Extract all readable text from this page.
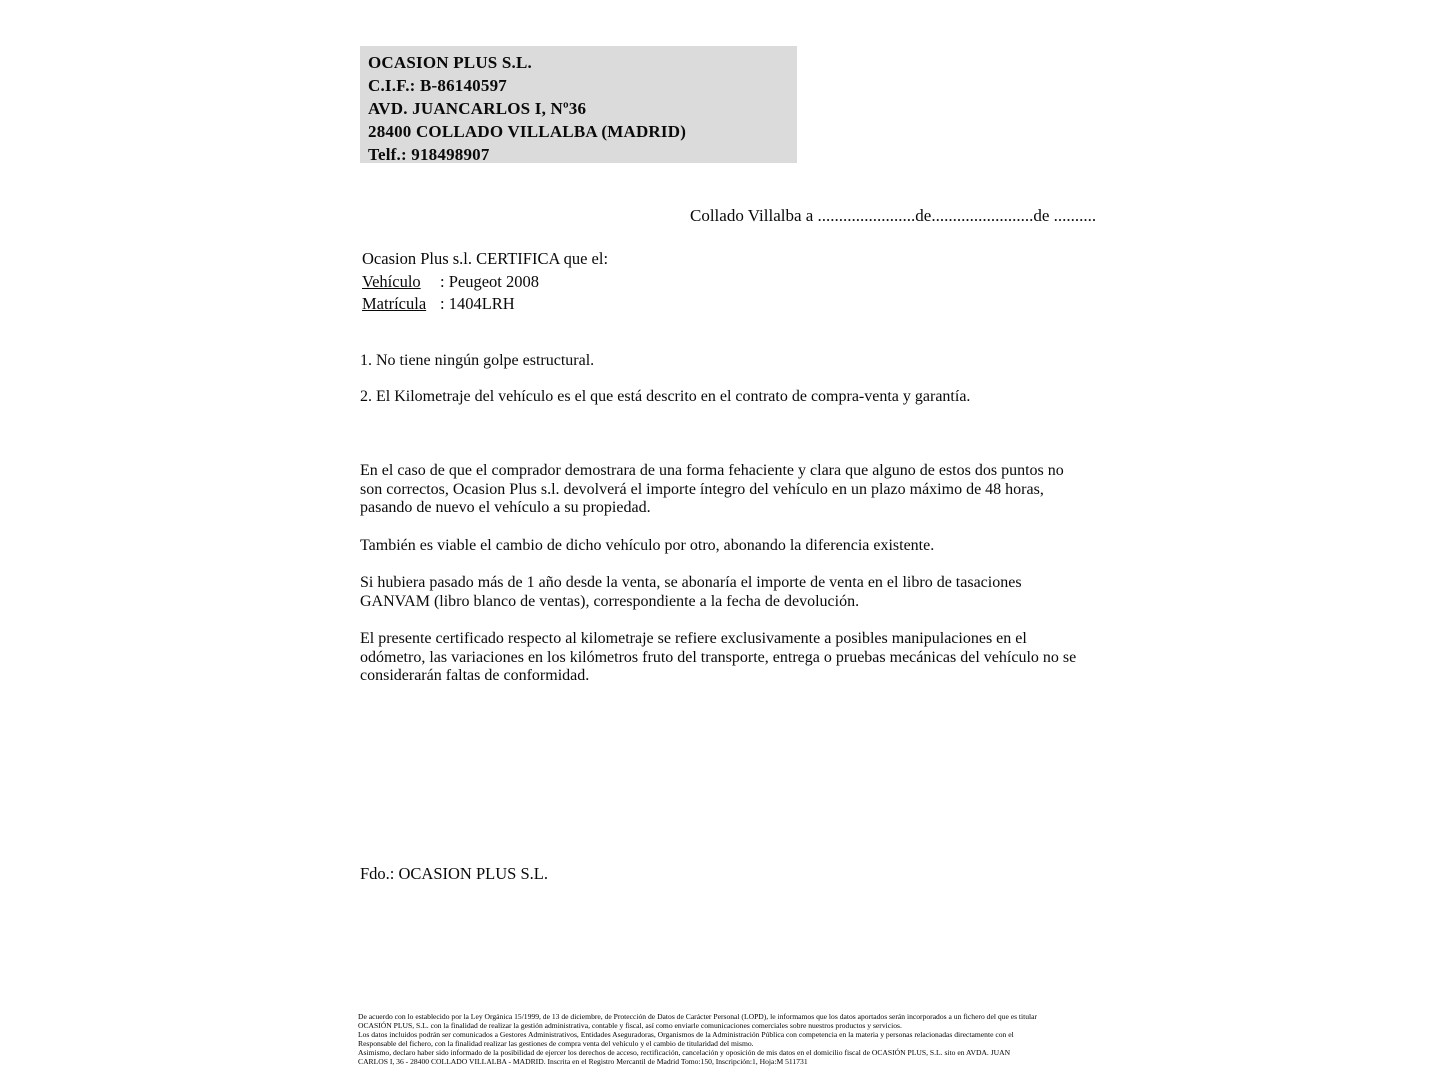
OCASION PLUS S.L.
C.I.F.: B-86140597
AVD. JUANCARLOS I, Nº36
28400 COLLADO VILLALBA (MADRID)
Telf.: 918498907
Collado Villalba a .......................de........................de ..........
Ocasion Plus s.l. CERTIFICA que el:
Vehículo : Peugeot 2008
Matrícula : 1404LRH
1. No tiene ningún golpe estructural.
2. El Kilometraje del vehículo es el que está descrito en el contrato de compra-venta y garantía.

En el caso de que el comprador demostrara de una forma fehaciente y clara que alguno de estos dos puntos no son correctos, Ocasion Plus s.l. devolverá el importe íntegro del vehículo en un plazo máximo de 48 horas, pasando de nuevo el vehículo a su propiedad.

También es viable el cambio de dicho vehículo por otro, abonando la diferencia existente.

Si hubiera pasado más de 1 año desde la venta, se abonaría el importe de venta en el libro de tasaciones GANVAM (libro blanco de ventas), correspondiente a la fecha de devolución.

El presente certificado respecto al kilometraje se refiere exclusivamente a posibles manipulaciones en el odómetro, las variaciones en los kilómetros fruto del transporte, entrega o pruebas mecánicas del vehículo no se considerarán faltas de conformidad.

Fdo.: OCASION PLUS S.L.
De acuerdo con lo establecido por la Ley Orgánica 15/1999, de 13 de diciembre, de Protección de Datos de Carácter Personal (LOPD), le informamos que los datos aportados serán incorporados a un fichero del que es titular
OCASIÓN PLUS, S.L. con la finalidad de realizar la gestión administrativa, contable y fiscal, así como enviarle comunicaciones comerciales sobre nuestros productos y servicios.
Los datos incluidos podrán ser comunicados a Gestores Administrativos, Entidades Aseguradoras, Organismos de la Administración Pública con competencia en la materia y personas relacionadas directamente con el
Responsable del fichero, con la finalidad realizar las gestiones de compra venta del vehículo y el cambio de titularidad del mismo.
Asimismo, declaro haber sido informado de la posibilidad de ejercer los derechos de acceso, rectificación, cancelación y oposición de mis datos en el domicilio fiscal de OCASIÓN PLUS, S.L. sito en AVDA. JUAN
CARLOS I, 36 - 28400 COLLADO VILLALBA - MADRID. Inscrita en el Registro Mercantil de Madrid Tomo:150, Inscripción:1, Hoja:M 511731
